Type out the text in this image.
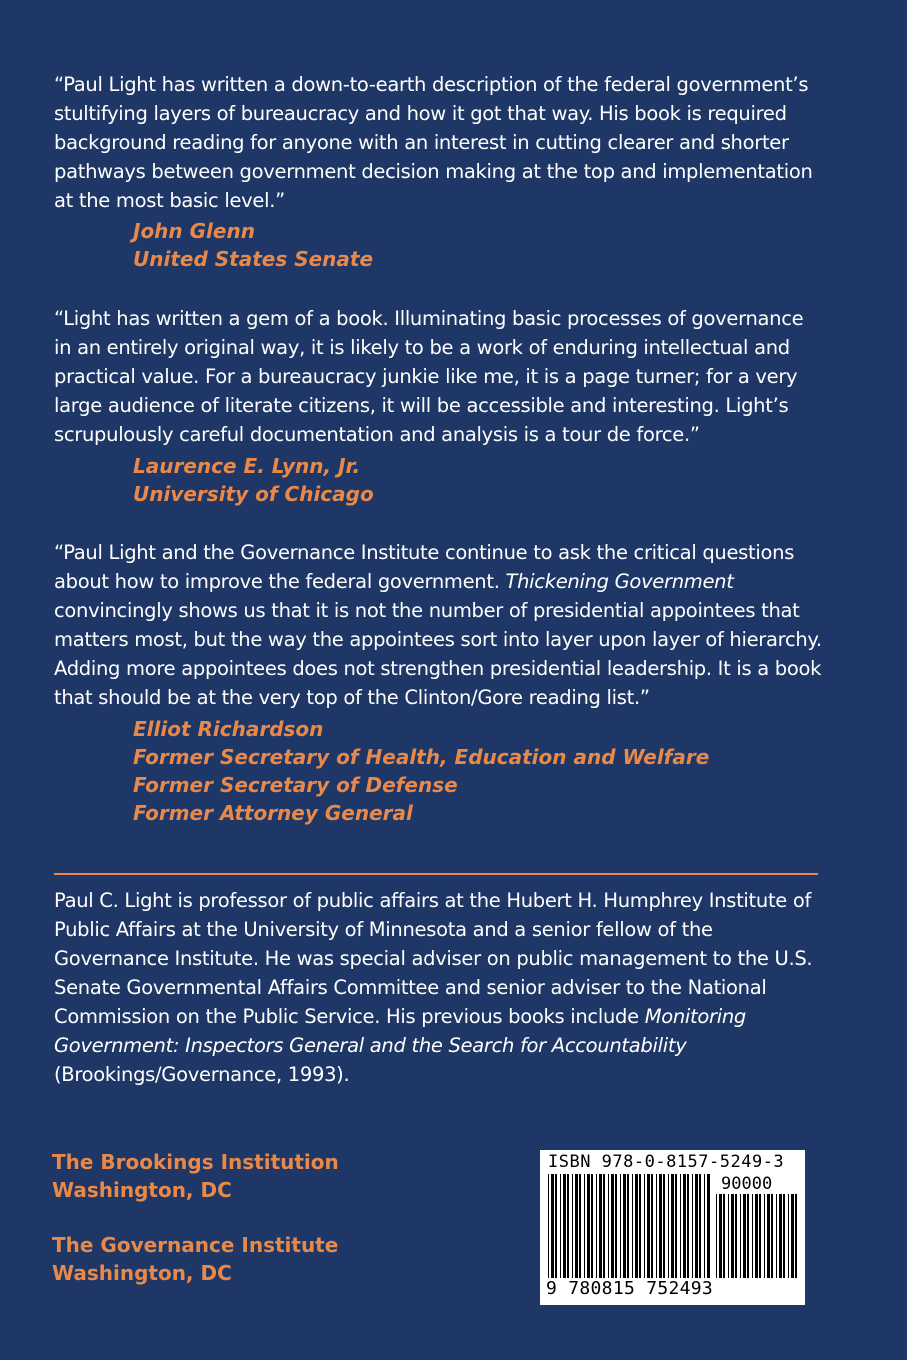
“Paul Light has written a down-to-earth description of the federal government’s stultifying layers of bureaucracy and how it got that way. His book is required background reading for anyone with an interest in cutting clearer and shorter pathways between government decision making at the top and implementation at the most basic level.”

John Glenn
United States Senate

“Light has written a gem of a book. Illuminating basic processes of governance in an entirely original way, it is likely to be a work of enduring intellectual and practical value. For a bureaucracy junkie like me, it is a page turner; for a very large audience of literate citizens, it will be accessible and interesting. Light’s scrupulously careful documentation and analysis is a tour de force.”

Laurence E. Lynn, Jr.
University of Chicago

“Paul Light and the Governance Institute continue to ask the critical questions about how to improve the federal government. Thickening Government convincingly shows us that it is not the number of presidential appointees that matters most, but the way the appointees sort into layer upon layer of hierarchy. Adding more appointees does not strengthen presidential leadership. It is a book that should be at the very top of the Clinton/Gore reading list.”

Elliot Richardson
Former Secretary of Health, Education and Welfare
Former Secretary of Defense
Former Attorney General

Paul C. Light is professor of public affairs at the Hubert H. Humphrey Institute of Public Affairs at the University of Minnesota and a senior fellow of the Governance Institute. He was special adviser on public management to the U.S. Senate Governmental Affairs Committee and senior adviser to the National Commission on the Public Service. His previous books include Monitoring Government: Inspectors General and the Search for Accountability (Brookings/Governance, 1993).

The Brookings Institution
Washington, DC
The Governance Institute
Washington, DC
ISBN 978-0-8157-5249-3
90000
9 780815 752493
